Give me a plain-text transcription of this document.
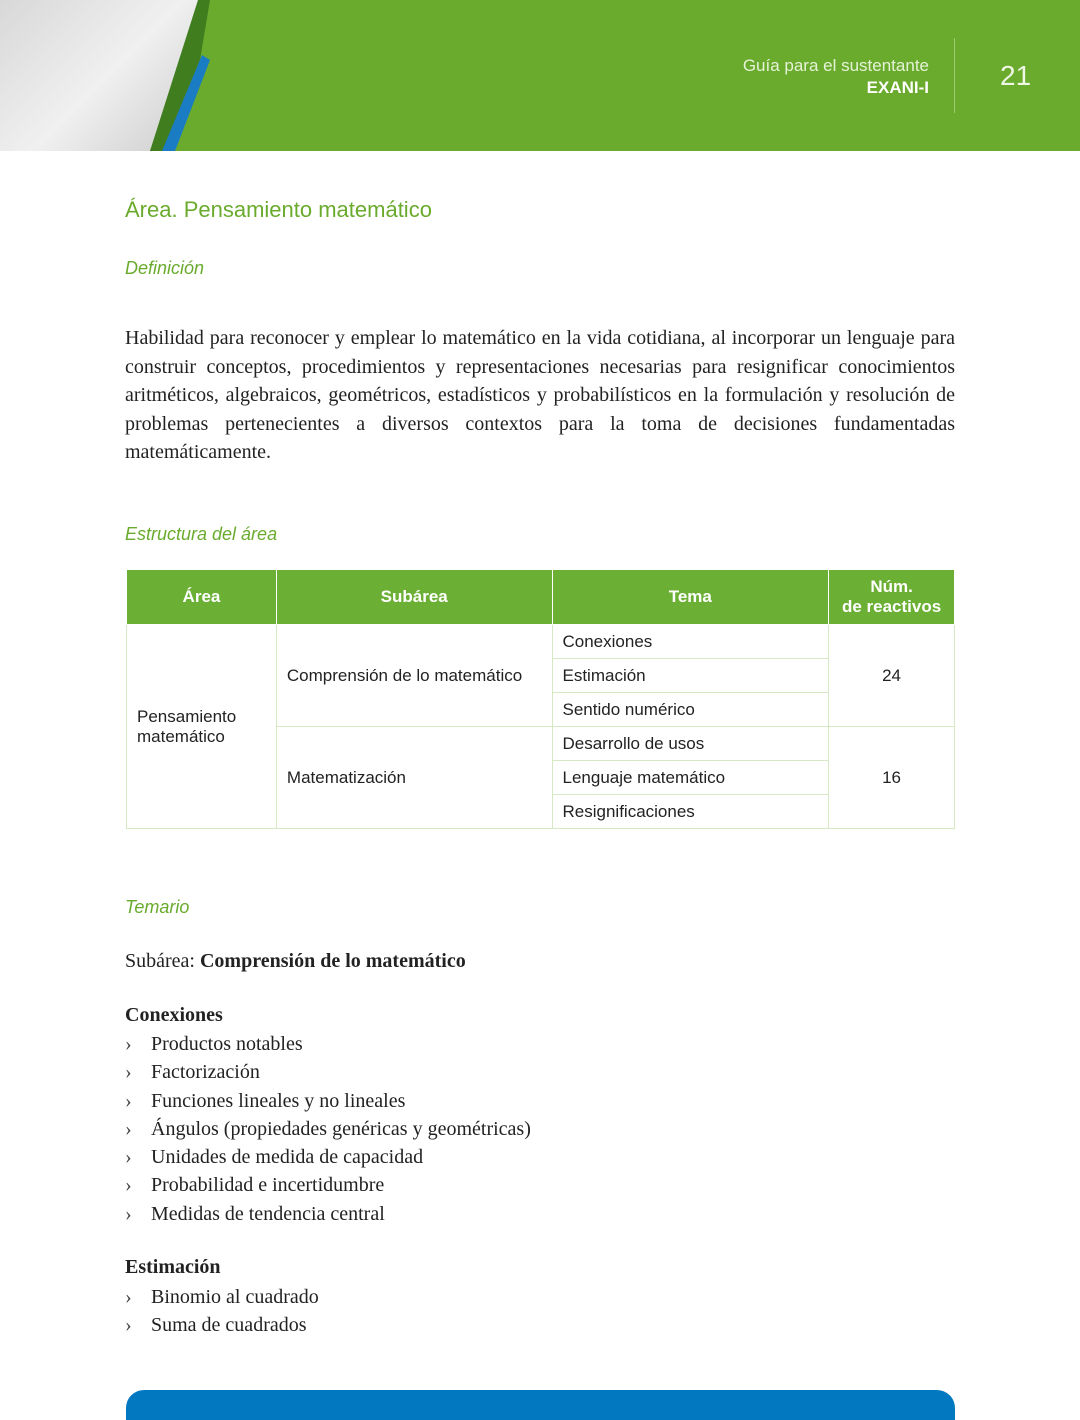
Guía para el sustentante
EXANI-I	21
Área. Pensamiento matemático
Definición
Habilidad para reconocer y emplear lo matemático en la vida cotidiana, al incorporar un lenguaje para construir conceptos, procedimientos y representaciones necesarias para resignificar conocimientos aritméticos, algebraicos, geométricos, estadísticos y probabilísticos en la formulación y resolución de problemas pertenecientes a diversos contextos para la toma de decisiones fundamentadas matemáticamente.
Estructura del área
Área	Subárea	Tema	Núm.
de reactivos
Pensamiento matemático	Comprensión de lo matemático	Conexiones	24
		Estimación	
		Sentido numérico	
	Matematización	Desarrollo de usos	16
		Lenguaje matemático	
		Resignificaciones	
Temario
Subárea: Comprensión de lo matemático
Conexiones
› Productos notables
› Factorización
› Funciones lineales y no lineales
› Ángulos (propiedades genéricas y geométricas)
› Unidades de medida de capacidad
› Probabilidad e incertidumbre
› Medidas de tendencia central
Estimación
› Binomio al cuadrado
› Suma de cuadrados
